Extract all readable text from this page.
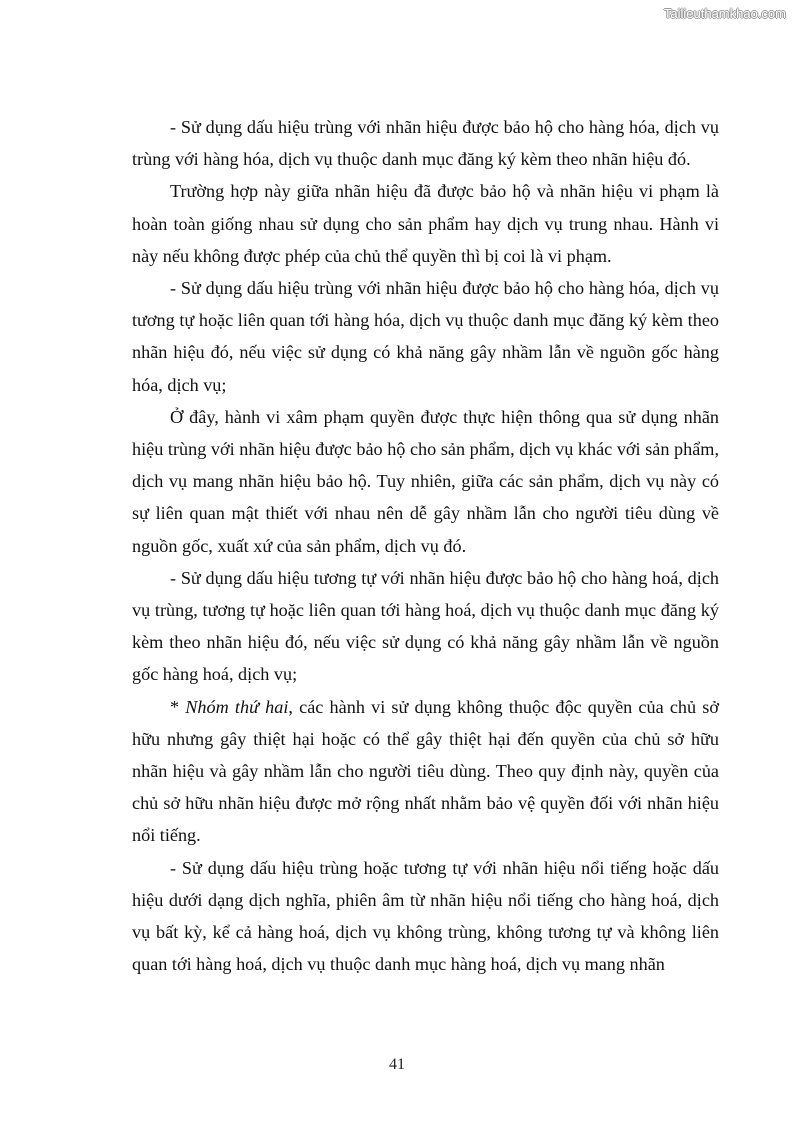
Tailieuthamkhao.com

- Sử dụng dấu hiệu trùng với nhãn hiệu được bảo hộ cho hàng hóa, dịch vụ trùng với hàng hóa, dịch vụ thuộc danh mục đăng ký kèm theo nhãn hiệu đó.

Trường hợp này giữa nhãn hiệu đã được bảo hộ và nhãn hiệu vi phạm là hoàn toàn giống nhau sử dụng cho sản phẩm hay dịch vụ trung nhau. Hành vi này nếu không được phép của chủ thể quyền thì bị coi là vi phạm.

- Sử dụng dấu hiệu trùng với nhãn hiệu được bảo hộ cho hàng hóa, dịch vụ tương tự hoặc liên quan tới hàng hóa, dịch vụ thuộc danh mục đăng ký kèm theo nhãn hiệu đó, nếu việc sử dụng có khả năng gây nhầm lẫn về nguồn gốc hàng hóa, dịch vụ;

Ở đây, hành vi xâm phạm quyền được thực hiện thông qua sử dụng nhãn hiệu trùng với nhãn hiệu được bảo hộ cho sản phẩm, dịch vụ khác với sản phẩm, dịch vụ mang nhãn hiệu bảo hộ. Tuy nhiên, giữa các sản phẩm, dịch vụ này có sự liên quan mật thiết với nhau nên dễ gây nhầm lẫn cho người tiêu dùng về nguồn gốc, xuất xứ của sản phẩm, dịch vụ đó.

- Sử dụng dấu hiệu tương tự với nhãn hiệu được bảo hộ cho hàng hoá, dịch vụ trùng, tương tự hoặc liên quan tới hàng hoá, dịch vụ thuộc danh mục đăng ký kèm theo nhãn hiệu đó, nếu việc sử dụng có khả năng gây nhầm lẫn về nguồn gốc hàng hoá, dịch vụ;

* Nhóm thứ hai, các hành vi sử dụng không thuộc độc quyền của chủ sở hữu nhưng gây thiệt hại hoặc có thể gây thiệt hại đến quyền của chủ sở hữu nhãn hiệu và gây nhầm lẫn cho người tiêu dùng. Theo quy định này, quyền của chủ sở hữu nhãn hiệu được mở rộng nhất nhằm bảo vệ quyền đối với nhãn hiệu nổi tiếng.

- Sử dụng dấu hiệu trùng hoặc tương tự với nhãn hiệu nổi tiếng hoặc dấu hiệu dưới dạng dịch nghĩa, phiên âm từ nhãn hiệu nổi tiếng cho hàng hoá, dịch vụ bất kỳ, kể cả hàng hoá, dịch vụ không trùng, không tương tự và không liên quan tới hàng hoá, dịch vụ thuộc danh mục hàng hoá, dịch vụ mang nhãn

41
